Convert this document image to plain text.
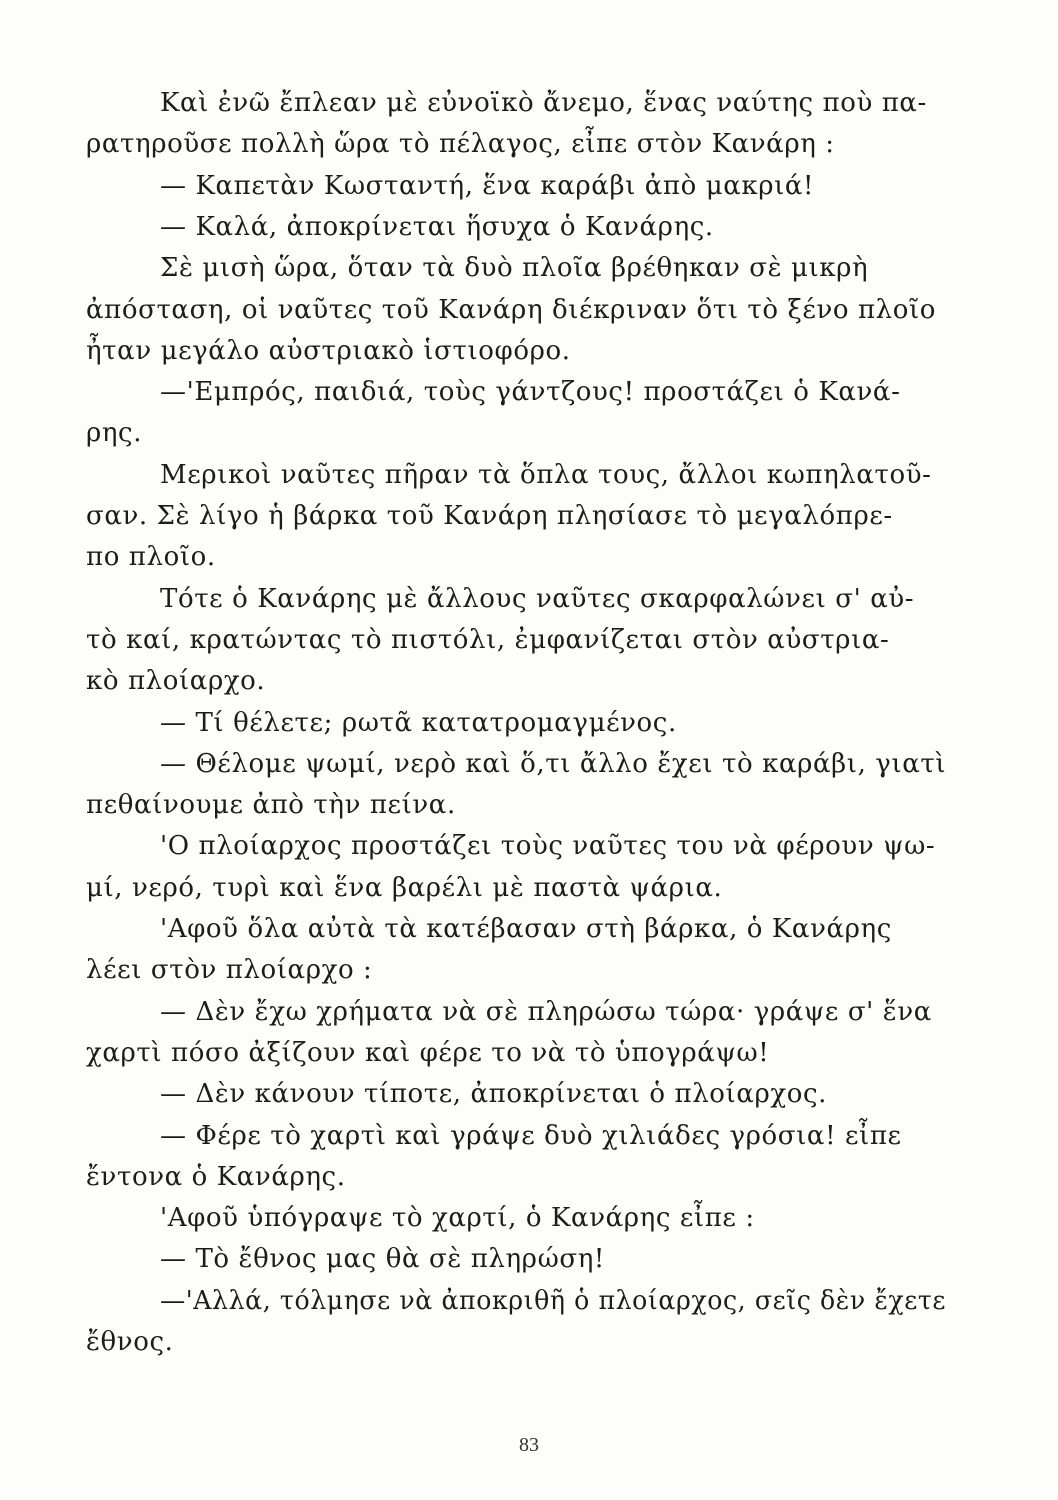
Καὶ ἐνῶ ἔπλεαν μὲ εὐνοϊκὸ ἄνεμο, ἕνας ναύτης ποὺ πα-
ρατηροῦσε πολλὴ ὥρα τὸ πέλαγος, εἶπε στὸν Κανάρη :
— Καπετὰν Κωσταντή, ἕνα καράβι ἀπὸ μακριά!
— Καλά, ἀποκρίνεται ἥσυχα ὁ Κανάρης.
Σὲ μισὴ ὥρα, ὅταν τὰ δυὸ πλοῖα βρέθηκαν σὲ μικρὴ
ἀπόσταση, οἱ ναῦτες τοῦ Κανάρη διέκριναν ὅτι τὸ ξένο πλοῖο
ἦταν μεγάλο αὐστριακὸ ἱστιοφόρο.
—'Εμπρός, παιδιά, τοὺς γάντζους! προστάζει ὁ Κανά-
ρης.
Μερικοὶ ναῦτες πῆραν τὰ ὅπλα τους, ἄλλοι κωπηλατοῦ-
σαν. Σὲ λίγο ἡ βάρκα τοῦ Κανάρη πλησίασε τὸ μεγαλόπρε-
πο πλοῖο.
Τότε ὁ Κανάρης μὲ ἄλλους ναῦτες σκαρφαλώνει σ' αὐ-
τὸ καί, κρατώντας τὸ πιστόλι, ἐμφανίζεται στὸν αὐστρια-
κὸ πλοίαρχο.
— Τί θέλετε; ρωτᾶ κατατρομαγμένος.
— Θέλομε ψωμί, νερὸ καὶ ὅ,τι ἄλλο ἔχει τὸ καράβι, γιατὶ
πεθαίνουμε ἀπὸ τὴν πείνα.
'Ο πλοίαρχος προστάζει τοὺς ναῦτες του νὰ φέρουν ψω-
μί, νερό, τυρὶ καὶ ἕνα βαρέλι μὲ παστὰ ψάρια.
'Αφοῦ ὅλα αὐτὰ τὰ κατέβασαν στὴ βάρκα, ὁ Κανάρης
λέει στὸν πλοίαρχο :
— Δὲν ἔχω χρήματα νὰ σὲ πληρώσω τώρα· γράψε σ' ἕνα
χαρτὶ πόσο ἀξίζουν καὶ φέρε το νὰ τὸ ὑπογράψω!
— Δὲν κάνουν τίποτε, ἀποκρίνεται ὁ πλοίαρχος.
— Φέρε τὸ χαρτὶ καὶ γράψε δυὸ χιλιάδες γρόσια! εἶπε
ἔντονα ὁ Κανάρης.
'Αφοῦ ὑπόγραψε τὸ χαρτί, ὁ Κανάρης εἶπε :
— Τὸ ἔθνος μας θὰ σὲ πληρώση!
—'Αλλά, τόλμησε νὰ ἀποκριθῆ ὁ πλοίαρχος, σεῖς δὲν ἔχετε
ἔθνος.
83
